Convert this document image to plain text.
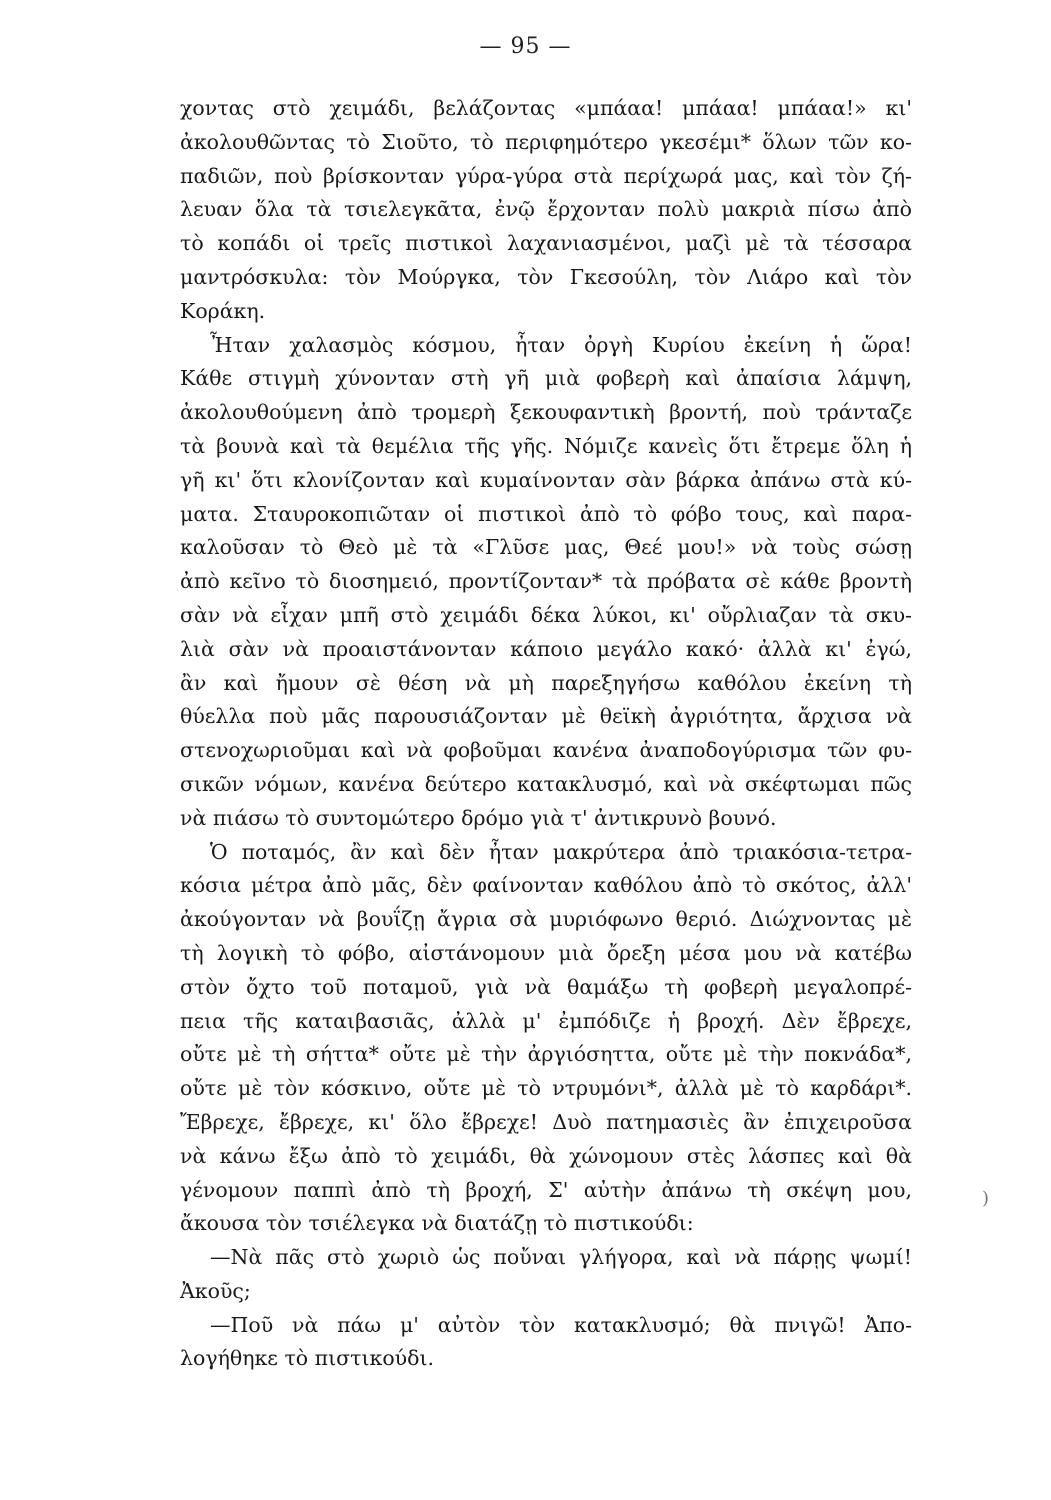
— 95 —
χοντας στὸ χειμάδι, βελάζοντας «μπάαα! μπάαα! μπάαα!» κι'
ἀκολουθῶντας τὸ Σιοῦτο, τὸ περιφημότερο γκεσέμι* ὅλων τῶν κο-
παδιῶν, ποὺ βρίσκονταν γύρα-γύρα στὰ περίχωρά μας, καὶ τὸν ζή-
λευαν ὅλα τὰ τσιελεγκᾶτα, ἐνῷ ἔρχονταν πολὺ μακριὰ πίσω ἀπὸ
τὸ κοπάδι οἱ τρεῖς πιστικοὶ λαχανιασμένοι, μαζὶ μὲ τὰ τέσσαρα
μαντρόσκυλα: τὸν Μούργκα, τὸν Γκεσούλη, τὸν Λιάρο καὶ τὸν
Κοράκη.
Ἦταν χαλασμὸς κόσμου, ἦταν ὀργὴ Κυρίου ἐκείνη ἡ ὥρα!
Κάθε στιγμὴ χύνονταν στὴ γῆ μιὰ φοβερὴ καὶ ἀπαίσια λάμψη,
ἀκολουθούμενη ἀπὸ τρομερὴ ξεκουφαντικὴ βροντή, ποὺ τράνταζε
τὰ βουνὰ καὶ τὰ θεμέλια τῆς γῆς. Νόμιζε κανεὶς ὅτι ἔτρεμε ὅλη ἡ
γῆ κι' ὅτι κλονίζονταν καὶ κυμαίνονταν σὰν βάρκα ἀπάνω στὰ κύ-
ματα. Σταυροκοπιῶταν οἱ πιστικοὶ ἀπὸ τὸ φόβο τους, καὶ παρα-
καλοῦσαν τὸ Θεὸ μὲ τὰ «Γλῦσε μας, Θεέ μου!» νὰ τοὺς σώσῃ
ἀπὸ κεῖνο τὸ διοσημειό, προντίζονταν* τὰ πρόβατα σὲ κάθε βροντὴ
σὰν νὰ εἶχαν μπῆ στὸ χειμάδι δέκα λύκοι, κι' οὔρλιαζαν τὰ σκυ-
λιὰ σὰν νὰ προαιστάνονταν κάποιο μεγάλο κακό· ἀλλὰ κι' ἐγώ,
ἂν καὶ ἤμουν σὲ θέση νὰ μὴ παρεξηγήσω καθόλου ἐκείνη τὴ
θύελλα ποὺ μᾶς παρουσιάζονταν μὲ θεϊκὴ ἀγριότητα, ἄρχισα νὰ
στενοχωριοῦμαι καὶ νὰ φοβοῦμαι κανένα ἀναποδογύρισμα τῶν φυ-
σικῶν νόμων, κανένα δεύτερο κατακλυσμό, καὶ νὰ σκέφτωμαι πῶς
νὰ πιάσω τὸ συντομώτερο δρόμο γιὰ τ' ἀντικρυνὸ βουνό.
Ὁ ποταμός, ἂν καὶ δὲν ἦταν μακρύτερα ἀπὸ τριακόσια-τετρα-
κόσια μέτρα ἀπὸ μᾶς, δὲν φαίνονταν καθόλου ἀπὸ τὸ σκότος, ἀλλ'
ἀκούγονταν νὰ βουΐζῃ ἄγρια σὰ μυριόφωνο θεριό. Διώχνοντας μὲ
τὴ λογικὴ τὸ φόβο, αἰστάνομουν μιὰ ὄρεξη μέσα μου νὰ κατέβω
στὸν ὄχτο τοῦ ποταμοῦ, γιὰ νὰ θαμάξω τὴ φοβερὴ μεγαλοπρέ-
πεια τῆς καταιβασιᾶς, ἀλλὰ μ' ἐμπόδιζε ἡ βροχή. Δὲν ἔβρεχε,
οὔτε μὲ τὴ σήττα* οὔτε μὲ τὴν ἀργιόσηττα, οὔτε μὲ τὴν ποκνάδα*,
οὔτε μὲ τὸν κόσκινο, οὔτε μὲ τὸ ντρυμόνι*, ἀλλὰ μὲ τὸ καρδάρι*.
Ἔβρεχε, ἔβρεχε, κι' ὅλο ἔβρεχε! Δυὸ πατημασιὲς ἂν ἐπιχειροῦσα
νὰ κάνω ἔξω ἀπὸ τὸ χειμάδι, θὰ χώνομουν στὲς λάσπες καὶ θὰ
γένομουν παππὶ ἀπὸ τὴ βροχή, Σ' αὐτὴν ἀπάνω τὴ σκέψη μου,
ἄκουσα τὸν τσιέλεγκα νὰ διατάζῃ τὸ πιστικούδι:
—Νὰ πᾶς στὸ χωριὸ ὡς ποὔναι γλήγορα, καὶ νὰ πάρῃς ψωμί!
Ἀκοῦς;
—Ποῦ νὰ πάω μ' αὐτὸν τὸν κατακλυσμό; θὰ πνιγῶ! Ἀπο-
λογήθηκε τὸ πιστικούδι.
)
